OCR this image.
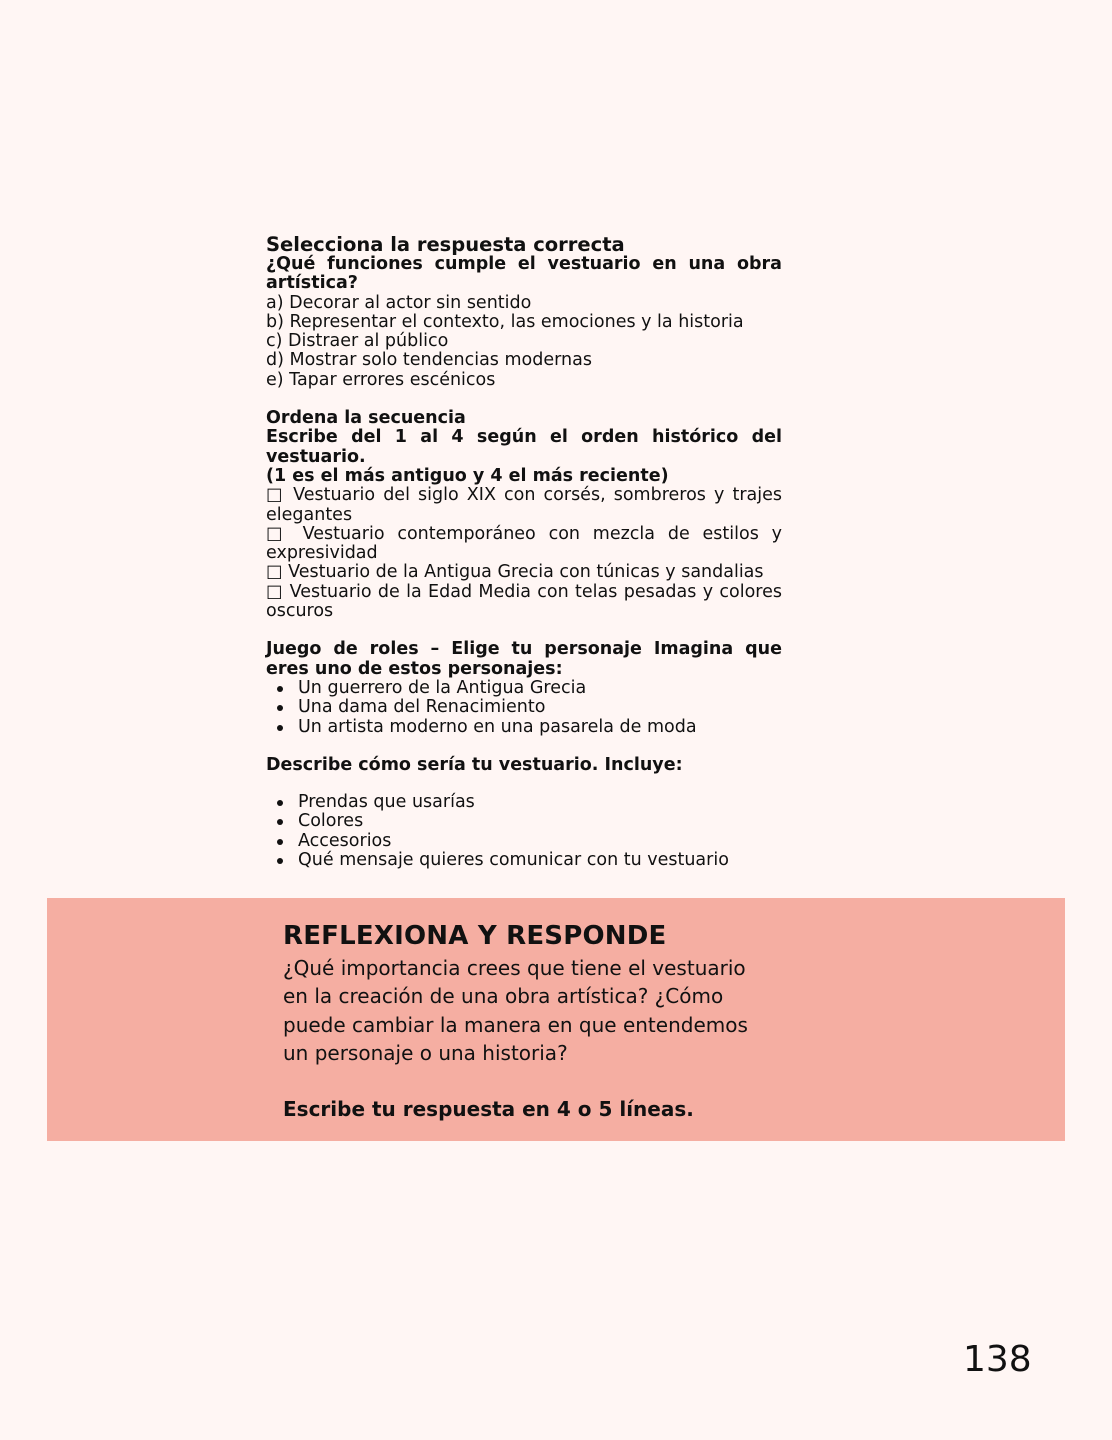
Selecciona la respuesta correcta
¿Qué funciones cumple el vestuario en una obra artística?
a) Decorar al actor sin sentido
b) Representar el contexto, las emociones y la historia
c) Distraer al público
d) Mostrar solo tendencias modernas
e) Tapar errores escénicos
Ordena la secuencia
Escribe del 1 al 4 según el orden histórico del vestuario.
(1 es el más antiguo y 4 el más reciente)
□ Vestuario del siglo XIX con corsés, sombreros y trajes elegantes
□ Vestuario contemporáneo con mezcla de estilos y expresividad
□ Vestuario de la Antigua Grecia con túnicas y sandalias
□ Vestuario de la Edad Media con telas pesadas y colores oscuros
Juego de roles – Elige tu personaje Imagina que eres uno de estos personajes:
Un guerrero de la Antigua Grecia
Una dama del Renacimiento
Un artista moderno en una pasarela de moda
Describe cómo sería tu vestuario. Incluye:
Prendas que usarías
Colores
Accesorios
Qué mensaje quieres comunicar con tu vestuario
REFLEXIONA Y RESPONDE
¿Qué importancia crees que tiene el vestuario en la creación de una obra artística? ¿Cómo puede cambiar la manera en que entendemos un personaje o una historia?
Escribe tu respuesta en 4 o 5 líneas.
138
